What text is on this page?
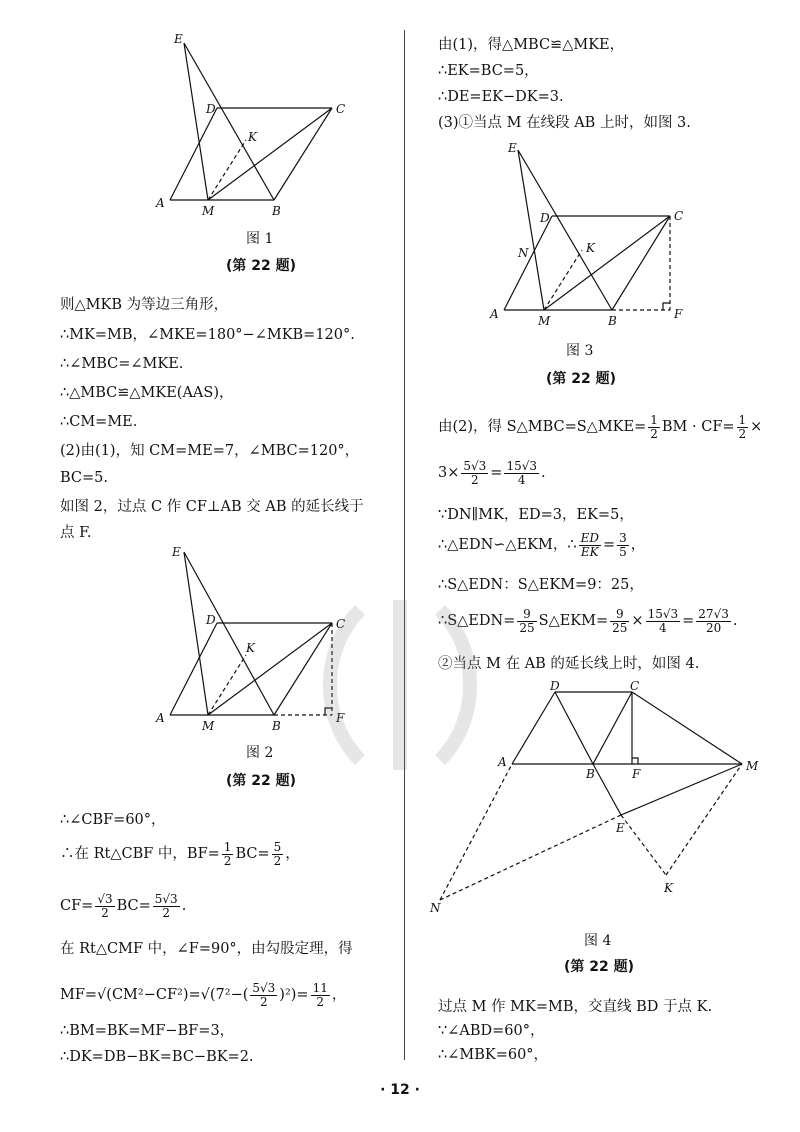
E
D	C
K
A
M	B
图 1
(第 22 题)
则△MKB 为等边三角形，
∴MK=MB，∠MKE=180°−∠MKB=120°.
∴∠MBC=∠MKE.
∴△MBC≌△MKE(AAS)，
∴CM=ME.
(2)由(1)，知 CM=ME=7，∠MBC=120°，
BC=5.
如图 2，过点 C 作 CF⊥AB 交 AB 的延长线于
点 F.
E
D	C
K
A
M	B
F
图 2
(第 22 题)
∴∠CBF=60°，
∴在 Rt△CBF 中，$BF= \frac{1}{2} BC= \frac{5}{2}$ ，
$CF= \frac{√3}{2} BC= \frac{5√3}{2}$ .
在 Rt△CMF 中，∠F=90°，由勾股定理，得
$MF=√(CM^2-CF^2)=√(7^2-( \frac{5√3}{2} )^2)= \frac{11}{2}$ ，
∴BM=BK=MF−BF=3，
∴DK=DB−BK=BC−BK=2.
由(1)，得△MBC≌△MKE，
∴EK=BC=5，
∴DE=EK−DK=3.
(3)①当点 M 在线段 AB 上时，如图 3.
E
D	C
N	K
A	M	B	F
图 3
(第 22 题)
由(2)，得 S△MBC=S△MKE= $\frac{1}{2}$ BM · $CF= \frac{1}{2}$ ×
$3\times \frac{5√3}{2} = \frac{15√3}{4}$ .
∵DN∥MK，ED=3，EK=5，
∴△EDN∽△EKM，∴ $\frac{ED}{EK} = \frac{3}{5}$ ，
∴S△EDN：S△EKM=9：25，
∴S△EDN= $\frac{9}{25}$ S△EKM= $\frac{9}{25} \times \frac{15√3}{4} = \frac{27√3}{20}$ .
②当点 M 在 AB 的延长线上时，如图 4.
D	C
A
B	F
M
E
K
N
图 4
(第 22 题)
过点 M 作 MK=MB，交直线 BD 于点 K.
∵∠ABD=60°，
∴∠MBK=60°，
· 12 ·
